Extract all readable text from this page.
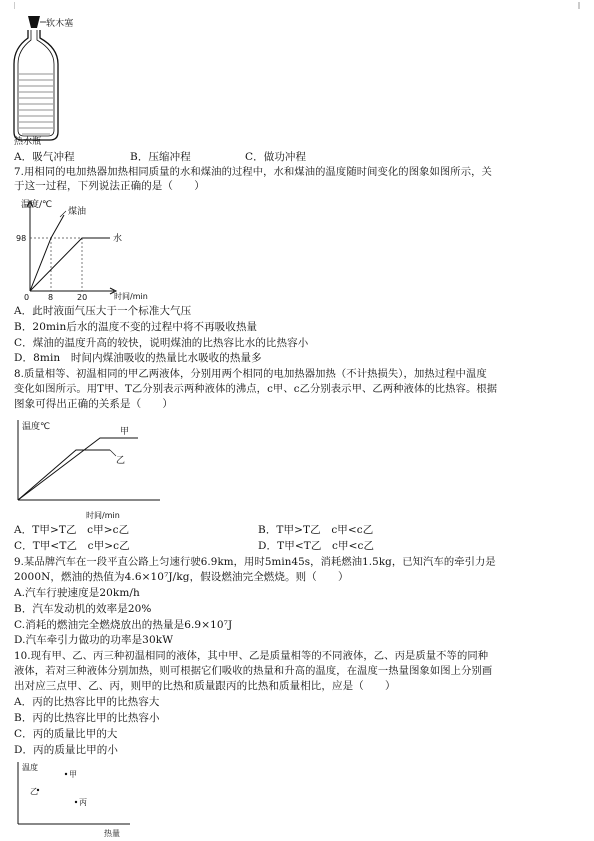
软木塞
热水瓶
A．吸气冲程	B．压缩冲程	C．做功冲程
7.用相同的电加热器加热相同质量的水和煤油的过程中，水和煤油的温度随时间变化的图象如图所示，关
于这一过程，下列说法正确的是（　　）
温度/℃
煤油
水
98
0 8	20	时间/min
A．此时液面气压大于一个标准大气压
B．20min后水的温度不变的过程中将不再吸收热量
C．煤油的温度升高的较快，说明煤油的比热容比水的比热容小
D．8min　时间内煤油吸收的热量比水吸收的热量多
8.质量相等、初温相同的甲乙两液体，分别用两个相同的电加热器加热（不计热损失），加热过程中温度
变化如图所示。用T甲、T乙分别表示两种液体的沸点，c甲、c乙分别表示甲、乙两种液体的比热容。根据
图象可得出正确的关系是（　　）
温度℃	甲
乙
时间/min
A．T甲>T乙　c甲>c乙	B．T甲>T乙　c甲<c乙
C．T甲<T乙　c甲>c乙	D．T甲<T乙　c甲<c乙
9.某品牌汽车在一段平直公路上匀速行驶6.9km，用时5min45s，消耗燃油1.5kg，已知汽车的牵引力是
2000N，燃油的热值为4.6×10⁷J/kg，假设燃油完全燃烧。则（　　）
A.汽车行驶速度是20km/h
B．汽车发动机的效率是20%
C.消耗的燃油完全燃烧放出的热量是6.9×10⁷J
D.汽车牵引力做功的功率是30kW
10.现有甲、乙、丙三种初温相同的液体，其中甲、乙是质量相等的不同液体，乙、丙是质量不等的同种
液体，若对三种液体分别加热，则可根据它们吸收的热量和升高的温度，在温度一热量图象如图上分别画
出对应三点甲、乙、丙，则甲的比热和质量跟丙的比热和质量相比，应是（　　）
A．丙的比热容比甲的比热容大
B．丙的比热容比甲的比热容小
C．丙的质量比甲的大
D．丙的质量比甲的小
温度
甲
乙
丙
热量
